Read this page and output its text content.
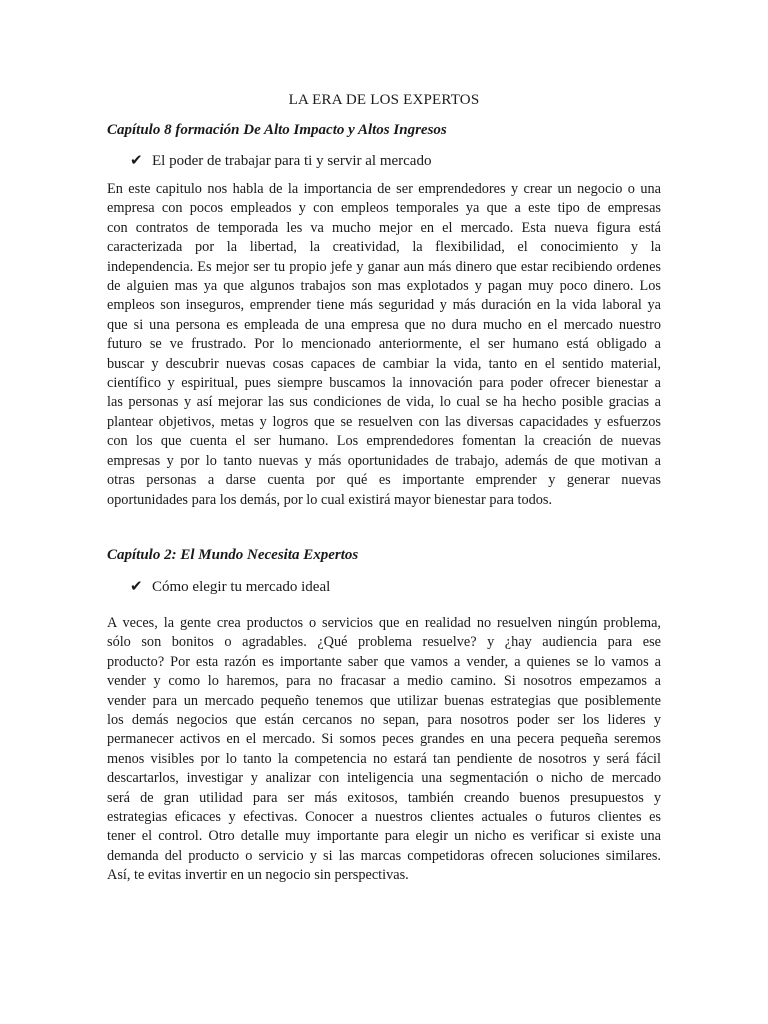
LA ERA DE LOS EXPERTOS
Capítulo 8 formación De Alto Impacto y Altos Ingresos
✔ El poder de trabajar para ti y servir al mercado
En este capitulo nos habla de la importancia de ser emprendedores y crear un negocio o una
empresa con pocos empleados y con empleos temporales ya que a este tipo de empresas
con contratos de temporada les va mucho mejor en el mercado. Esta nueva figura está
caracterizada por la libertad, la creatividad, la flexibilidad, el conocimiento y la
independencia. Es mejor ser tu propio jefe y ganar aun más dinero que estar recibiendo ordenes
de alguien mas ya que algunos trabajos son mas explotados y pagan muy poco dinero. Los
empleos son inseguros, emprender tiene más seguridad y más duración en la vida laboral ya
que si una persona es empleada de una empresa que no dura mucho en el mercado nuestro
futuro se ve frustrado. Por lo mencionado anteriormente, el ser humano está obligado a
buscar y descubrir nuevas cosas capaces de cambiar la vida, tanto en el sentido material,
científico y espiritual, pues siempre buscamos la innovación para poder ofrecer bienestar a
las personas y así mejorar las sus condiciones de vida, lo cual se ha hecho posible gracias a
plantear objetivos, metas y logros que se resuelven con las diversas capacidades y esfuerzos
con los que cuenta el ser humano. Los emprendedores fomentan la creación de nuevas
empresas y por lo tanto nuevas y más oportunidades de trabajo, además de que motivan a
otras personas a darse cuenta por qué es importante emprender y generar nuevas
oportunidades para los demás, por lo cual existirá mayor bienestar para todos.
Capítulo 2: El Mundo Necesita Expertos
✔ Cómo elegir tu mercado ideal
A veces, la gente crea productos o servicios que en realidad no resuelven ningún problema,
sólo son bonitos o agradables. ¿Qué problema resuelve? y ¿hay audiencia para ese
producto? Por esta razón es importante saber que vamos a vender, a quienes se lo vamos a
vender y como lo haremos, para no fracasar a medio camino. Si nosotros empezamos a
vender para un mercado pequeño tenemos que utilizar buenas estrategias que posiblemente
los demás negocios que están cercanos no sepan, para nosotros poder ser los lideres y
permanecer activos en el mercado. Si somos peces grandes en una pecera pequeña seremos
menos visibles por lo tanto la competencia no estará tan pendiente de nosotros y será fácil
descartarlos, investigar y analizar con inteligencia una segmentación o nicho de mercado
será de gran utilidad para ser más exitosos, también creando buenos presupuestos y
estrategias eficaces y efectivas. Conocer a nuestros clientes actuales o futuros clientes es
tener el control. Otro detalle muy importante para elegir un nicho es verificar si existe una
demanda del producto o servicio y si las marcas competidoras ofrecen soluciones similares.
Así, te evitas invertir en un negocio sin perspectivas.
